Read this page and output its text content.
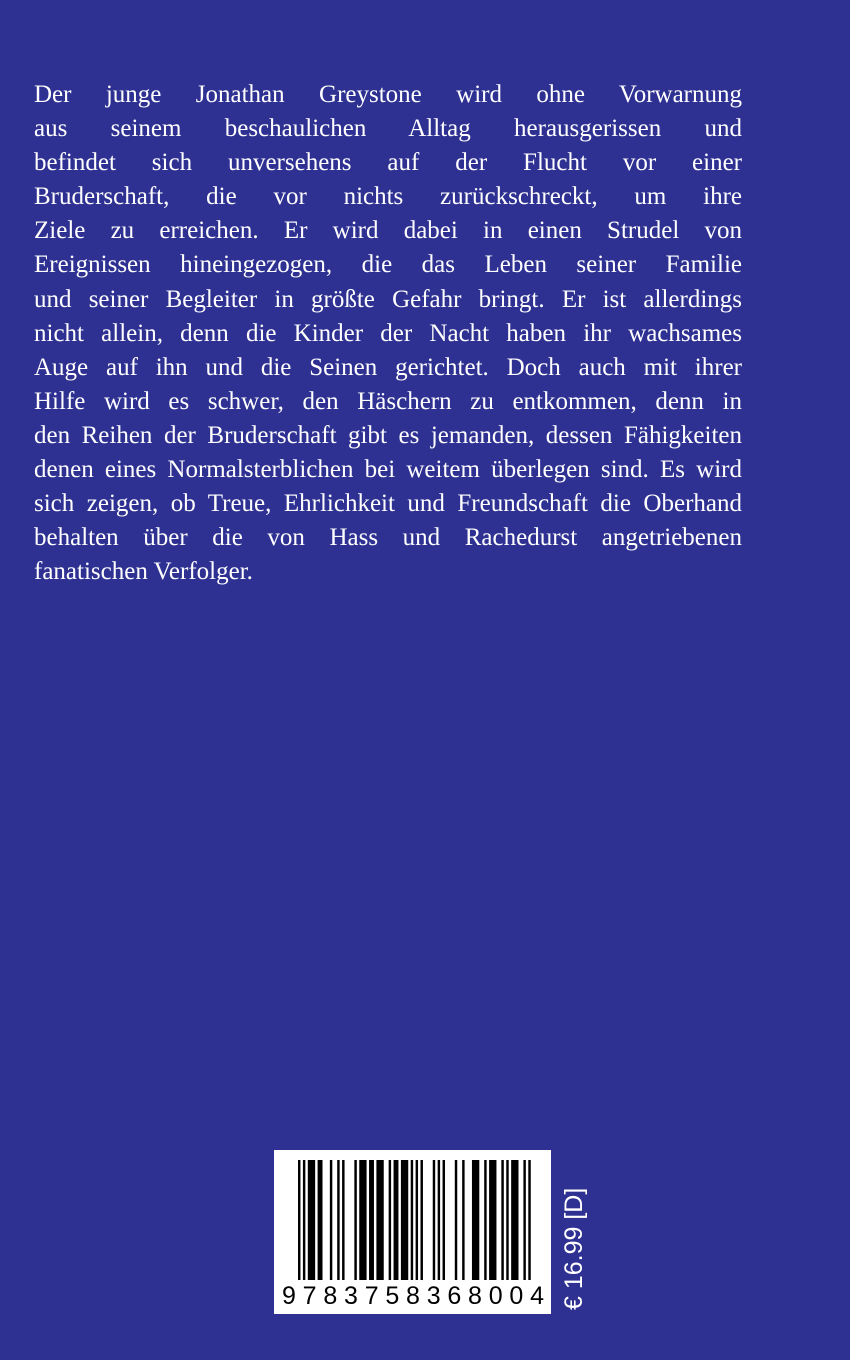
Der junge Jonathan Greystone wird ohne Vorwarnung
aus seinem beschaulichen Alltag herausgerissen und
befindet sich unversehens auf der Flucht vor einer
Bruderschaft, die vor nichts zurückschreckt, um ihre
Ziele zu erreichen. Er wird dabei in einen Strudel von
Ereignissen hineingezogen, die das Leben seiner Familie
und seiner Begleiter in größte Gefahr bringt. Er ist allerdings
nicht allein, denn die Kinder der Nacht haben ihr wachsames
Auge auf ihn und die Seinen gerichtet. Doch auch mit ihrer
Hilfe wird es schwer, den Häschern zu entkommen, denn in
den Reihen der Bruderschaft gibt es jemanden, dessen Fähigkeiten
denen eines Normalsterblichen bei weitem überlegen sind. Es wird
sich zeigen, ob Treue, Ehrlichkeit und Freundschaft die Oberhand
behalten über die von Hass und Rachedurst angetriebenen
fanatischen Verfolger.
9 7 8 3 7 5 8 3 6 8 0 0 4 € 16.99 [D]
